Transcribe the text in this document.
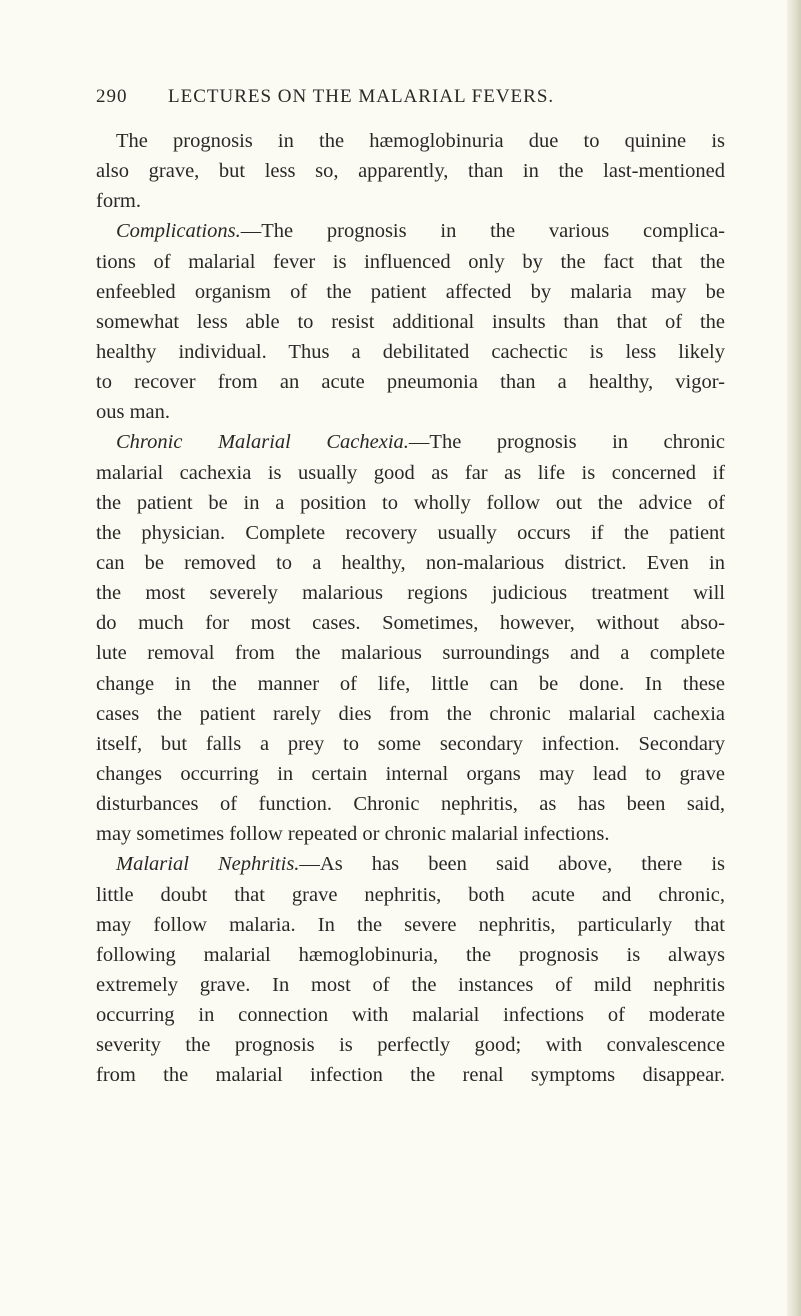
290 LECTURES ON THE MALARIAL FEVERS.
The prognosis in the hæmoglobinuria due to quinine is
also grave, but less so, apparently, than in the last-mentioned
form.
Complications.—The prognosis in the various complica-
tions of malarial fever is influenced only by the fact that the
enfeebled organism of the patient affected by malaria may be
somewhat less able to resist additional insults than that of the
healthy individual. Thus a debilitated cachectic is less likely
to recover from an acute pneumonia than a healthy, vigor-
ous man.
Chronic Malarial Cachexia.—The prognosis in chronic
malarial cachexia is usually good as far as life is concerned if
the patient be in a position to wholly follow out the advice of
the physician. Complete recovery usually occurs if the patient
can be removed to a healthy, non-malarious district. Even in
the most severely malarious regions judicious treatment will
do much for most cases. Sometimes, however, without abso-
lute removal from the malarious surroundings and a complete
change in the manner of life, little can be done. In these
cases the patient rarely dies from the chronic malarial cachexia
itself, but falls a prey to some secondary infection. Secondary
changes occurring in certain internal organs may lead to grave
disturbances of function. Chronic nephritis, as has been said,
may sometimes follow repeated or chronic malarial infections.
Malarial Nephritis.—As has been said above, there is
little doubt that grave nephritis, both acute and chronic,
may follow malaria. In the severe nephritis, particularly that
following malarial hæmoglobinuria, the prognosis is always
extremely grave. In most of the instances of mild nephritis
occurring in connection with malarial infections of moderate
severity the prognosis is perfectly good; with convalescence
from the malarial infection the renal symptoms disappear.
